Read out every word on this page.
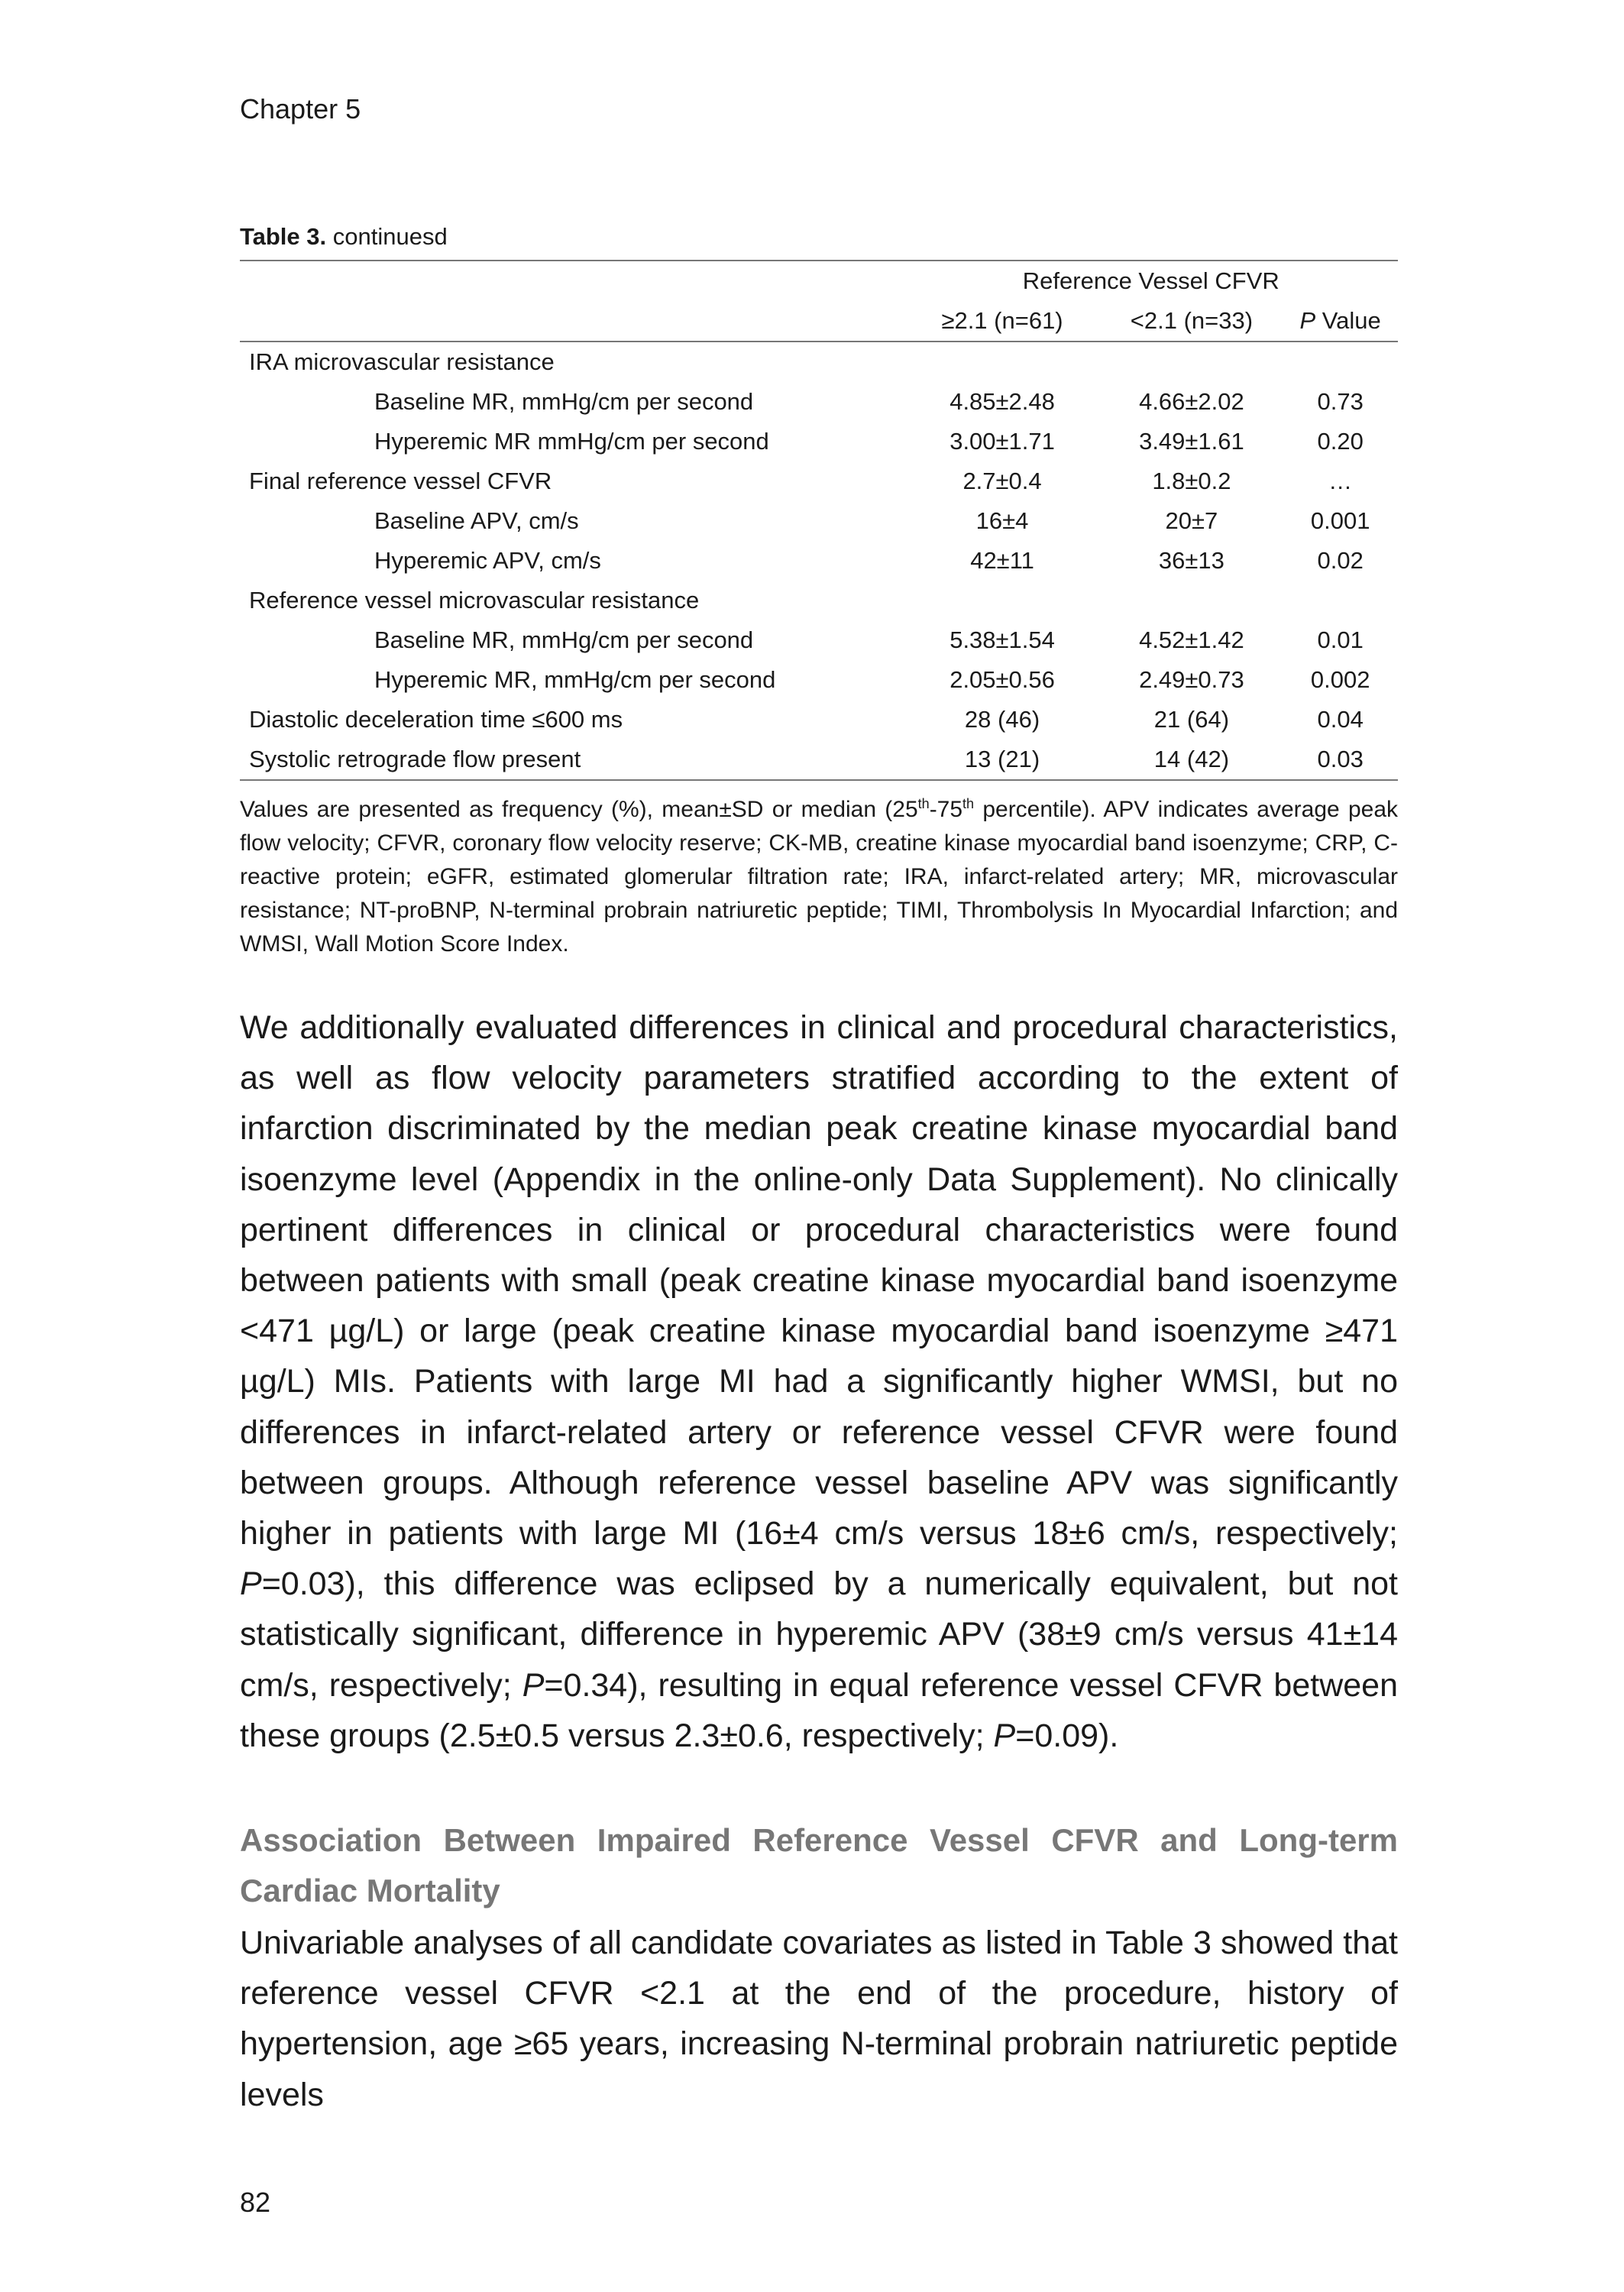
Chapter 5
Table 3. continuesd
	Reference Vessel CFVR		
	≥2.1 (n=61)	<2.1 (n=33)	P Value
IRA microvascular resistance			
Baseline MR, mmHg/cm per second	4.85±2.48	4.66±2.02	0.73
Hyperemic MR mmHg/cm per second	3.00±1.71	3.49±1.61	0.20
Final reference vessel CFVR	2.7±0.4	1.8±0.2	…
Baseline APV, cm/s	16±4	20±7	0.001
Hyperemic APV, cm/s	42±11	36±13	0.02
Reference vessel microvascular resistance			
Baseline MR, mmHg/cm per second	5.38±1.54	4.52±1.42	0.01
Hyperemic MR, mmHg/cm per second	2.05±0.56	2.49±0.73	0.002
Diastolic deceleration time ≤600 ms	28 (46)	21 (64)	0.04
Systolic retrograde flow present	13 (21)	14 (42)	0.03
Values are presented as frequency (%), mean±SD or median (25th-75th percentile). APV indicates average peak flow velocity; CFVR, coronary flow velocity reserve; CK-MB, creatine kinase myocardial band isoenzyme; CRP, C-reactive protein; eGFR, estimated glomerular filtration rate; IRA, infarct-related artery; MR, microvascular resistance; NT-proBNP, N-terminal probrain natriuretic peptide; TIMI, Thrombolysis In Myocardial Infarction; and WMSI, Wall Motion Score Index.

We additionally evaluated differences in clinical and procedural characteristics, as well as flow velocity parameters stratified according to the extent of infarction discriminated by the median peak creatine kinase myocardial band isoenzyme level (Appendix in the online-only Data Supplement). No clinically pertinent differences in clinical or procedural characteristics were found between patients with small (peak creatine kinase myocardial band isoenzyme <471 µg/L) or large (peak creatine kinase myocardial band isoenzyme ≥471 µg/L) MIs. Patients with large MI had a significantly higher WMSI, but no differences in infarct-related artery or reference vessel CFVR were found between groups. Although reference vessel baseline APV was significantly higher in patients with large MI (16±4 cm/s versus 18±6 cm/s, respectively; P=0.03), this difference was eclipsed by a numerically equivalent, but not statistically significant, difference in hyperemic APV (38±9 cm/s versus 41±14 cm/s, respectively; P=0.34), resulting in equal reference vessel CFVR between these groups (2.5±0.5 versus 2.3±0.6, respectively; P=0.09).

Association Between Impaired Reference Vessel CFVR and Long-term Cardiac Mortality

Univariable analyses of all candidate covariates as listed in Table 3 showed that reference vessel CFVR <2.1 at the end of the procedure, history of hypertension, age ≥65 years, increasing N-terminal probrain natriuretic peptide levels

82
